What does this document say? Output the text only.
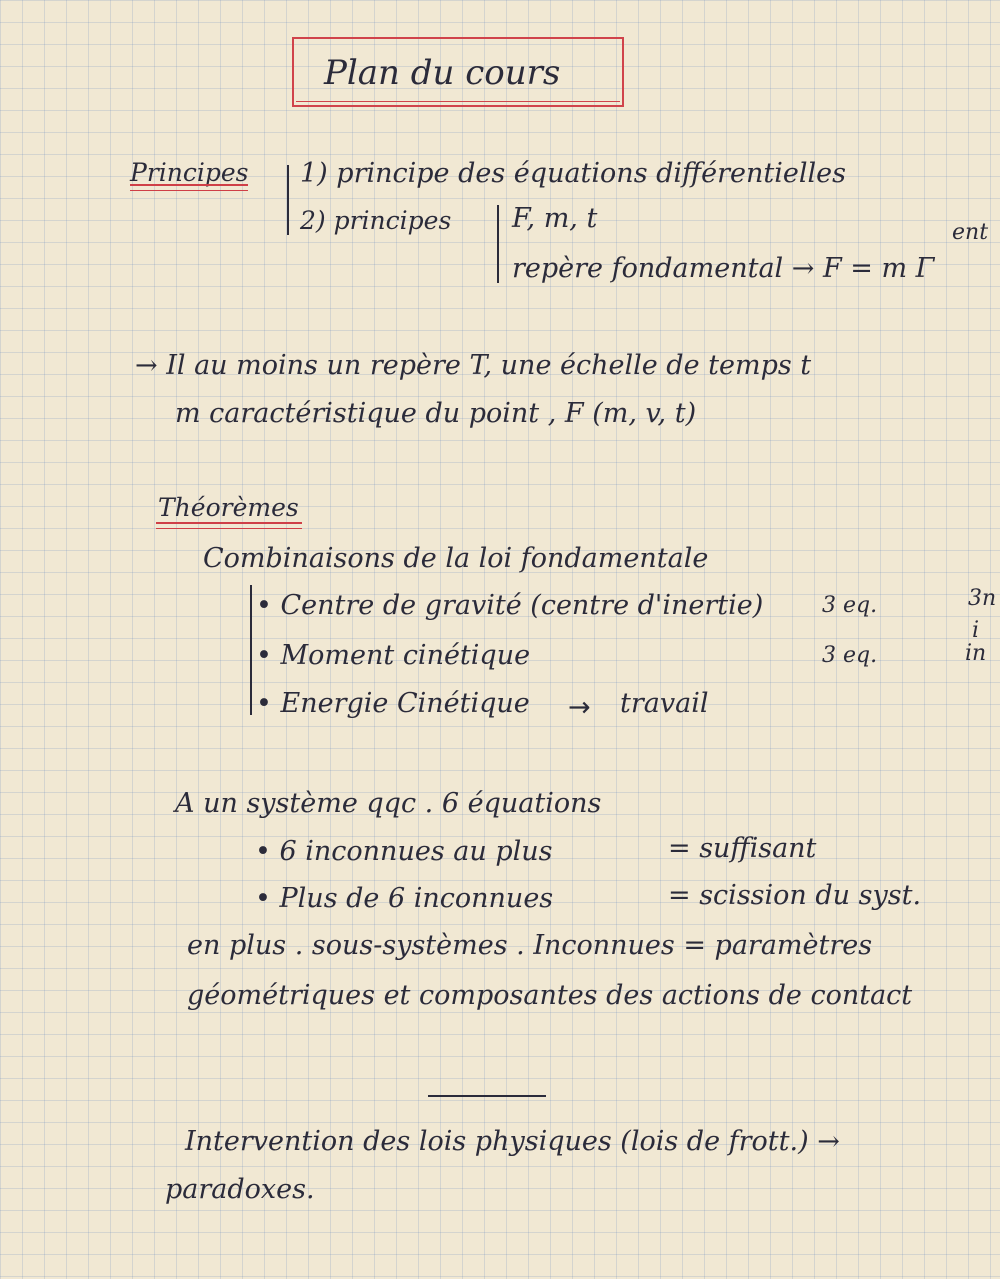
Plan du cours
Principes 1) principe des équations différentielles
2) principes F, m, t
repère fondamental → F = m Γ
ent
→ Il au moins un repère T, une échelle de temps t
m caractéristique du point , F (m, v, t)
Théorèmes
Combinaisons de la loi fondamentale
• Centre de gravité (centre d'inertie)	3 eq.
• Moment cinétique	3 eq.
• Energie Cinétique → travail
3n
i
in
A un système qqc . 6 équations
• 6 inconnues au plus	= suffisant
• Plus de 6 inconnues	= scission du syst.
en plus . sous-systèmes . Inconnues = paramètres
géométriques et composantes des actions de contact
Intervention des lois physiques (lois de frott.) →
paradoxes.
